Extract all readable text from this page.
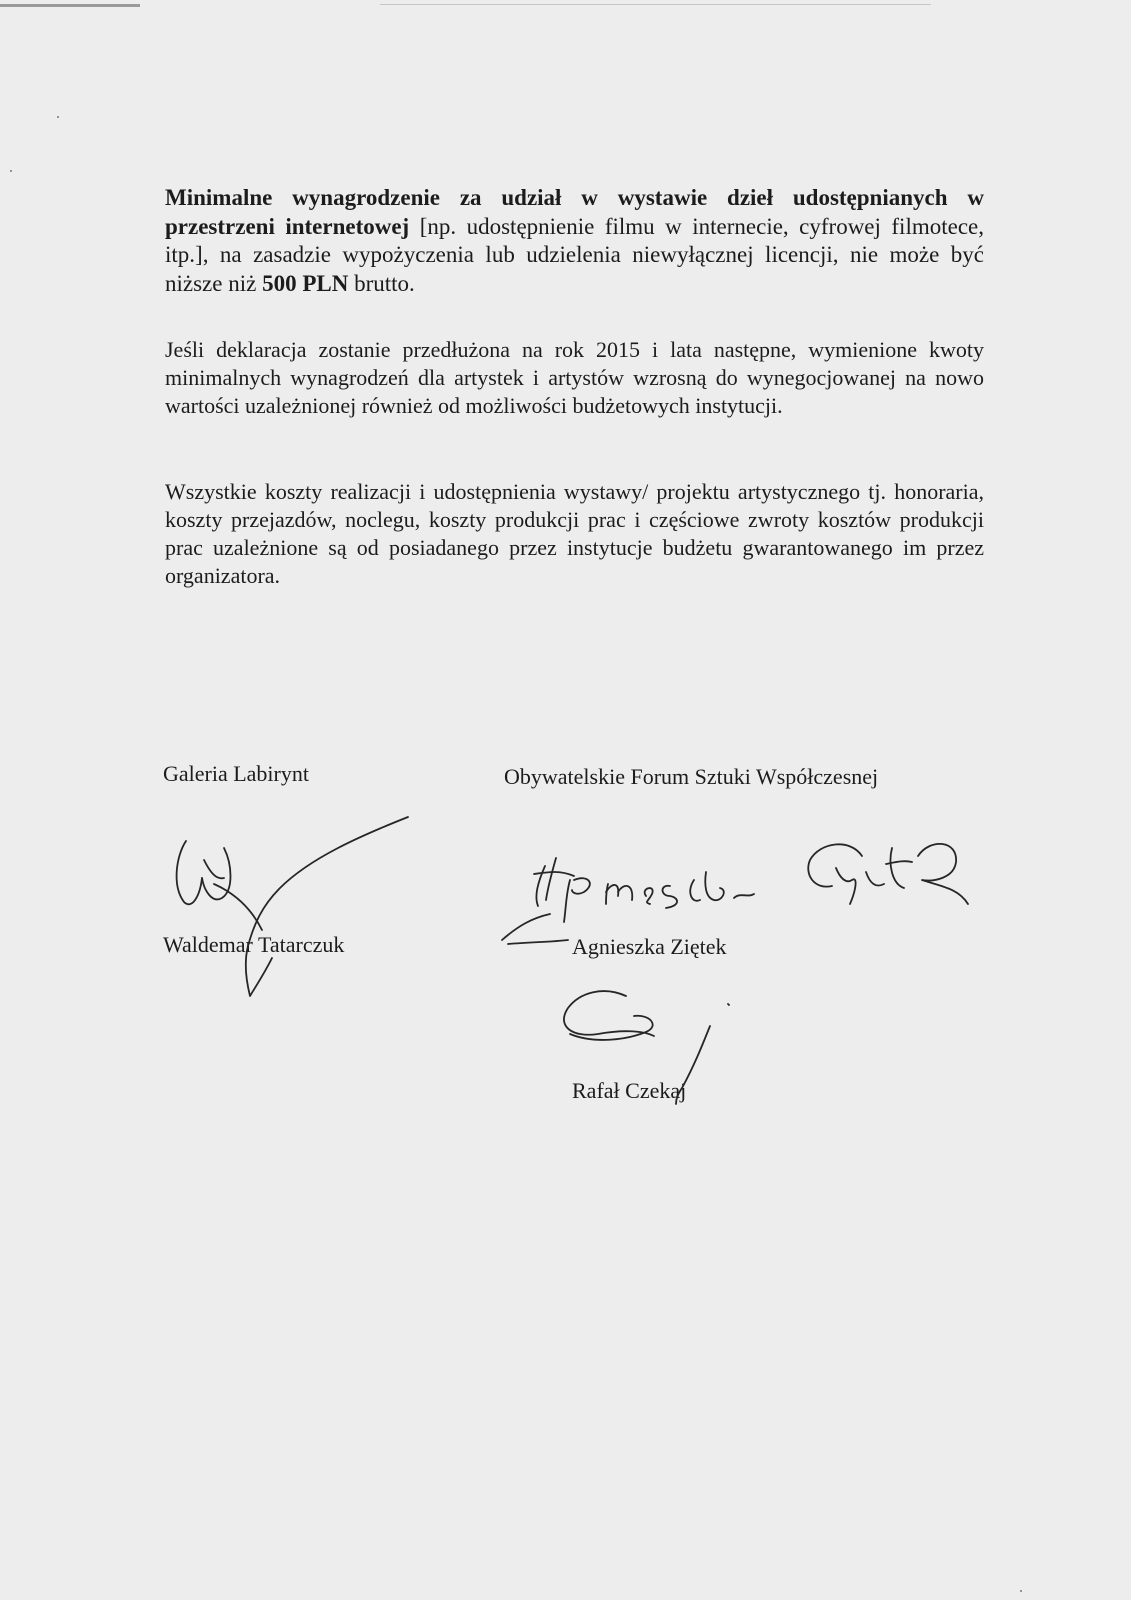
Minimalne wynagrodzenie za udział w wystawie dzieł udostępnianych w przestrzeni internetowej [np. udostępnienie filmu w internecie, cyfrowej filmotece, itp.], na zasadzie wypożyczenia lub udzielenia niewyłącznej licencji, nie może być niższe niż 500 PLN brutto.

Jeśli deklaracja zostanie przedłużona na rok 2015 i lata następne, wymienione kwoty minimalnych wynagrodzeń dla artystek i artystów wzrosną do wynegocjowanej na nowo wartości uzależnionej również od możliwości budżetowych instytucji.

Wszystkie koszty realizacji i udostępnienia wystawy/ projektu artystycznego tj. honoraria, koszty przejazdów, noclegu, koszty produkcji prac i częściowe zwroty kosztów produkcji prac uzależnione są od posiadanego przez instytucje budżetu gwarantowanego im przez organizatora.

Galeria Labirynt	Obywatelskie Forum Sztuki Współczesnej
Waldemar Tatarczuk	Agnieszka Ziętek
Rafał Czekaj
